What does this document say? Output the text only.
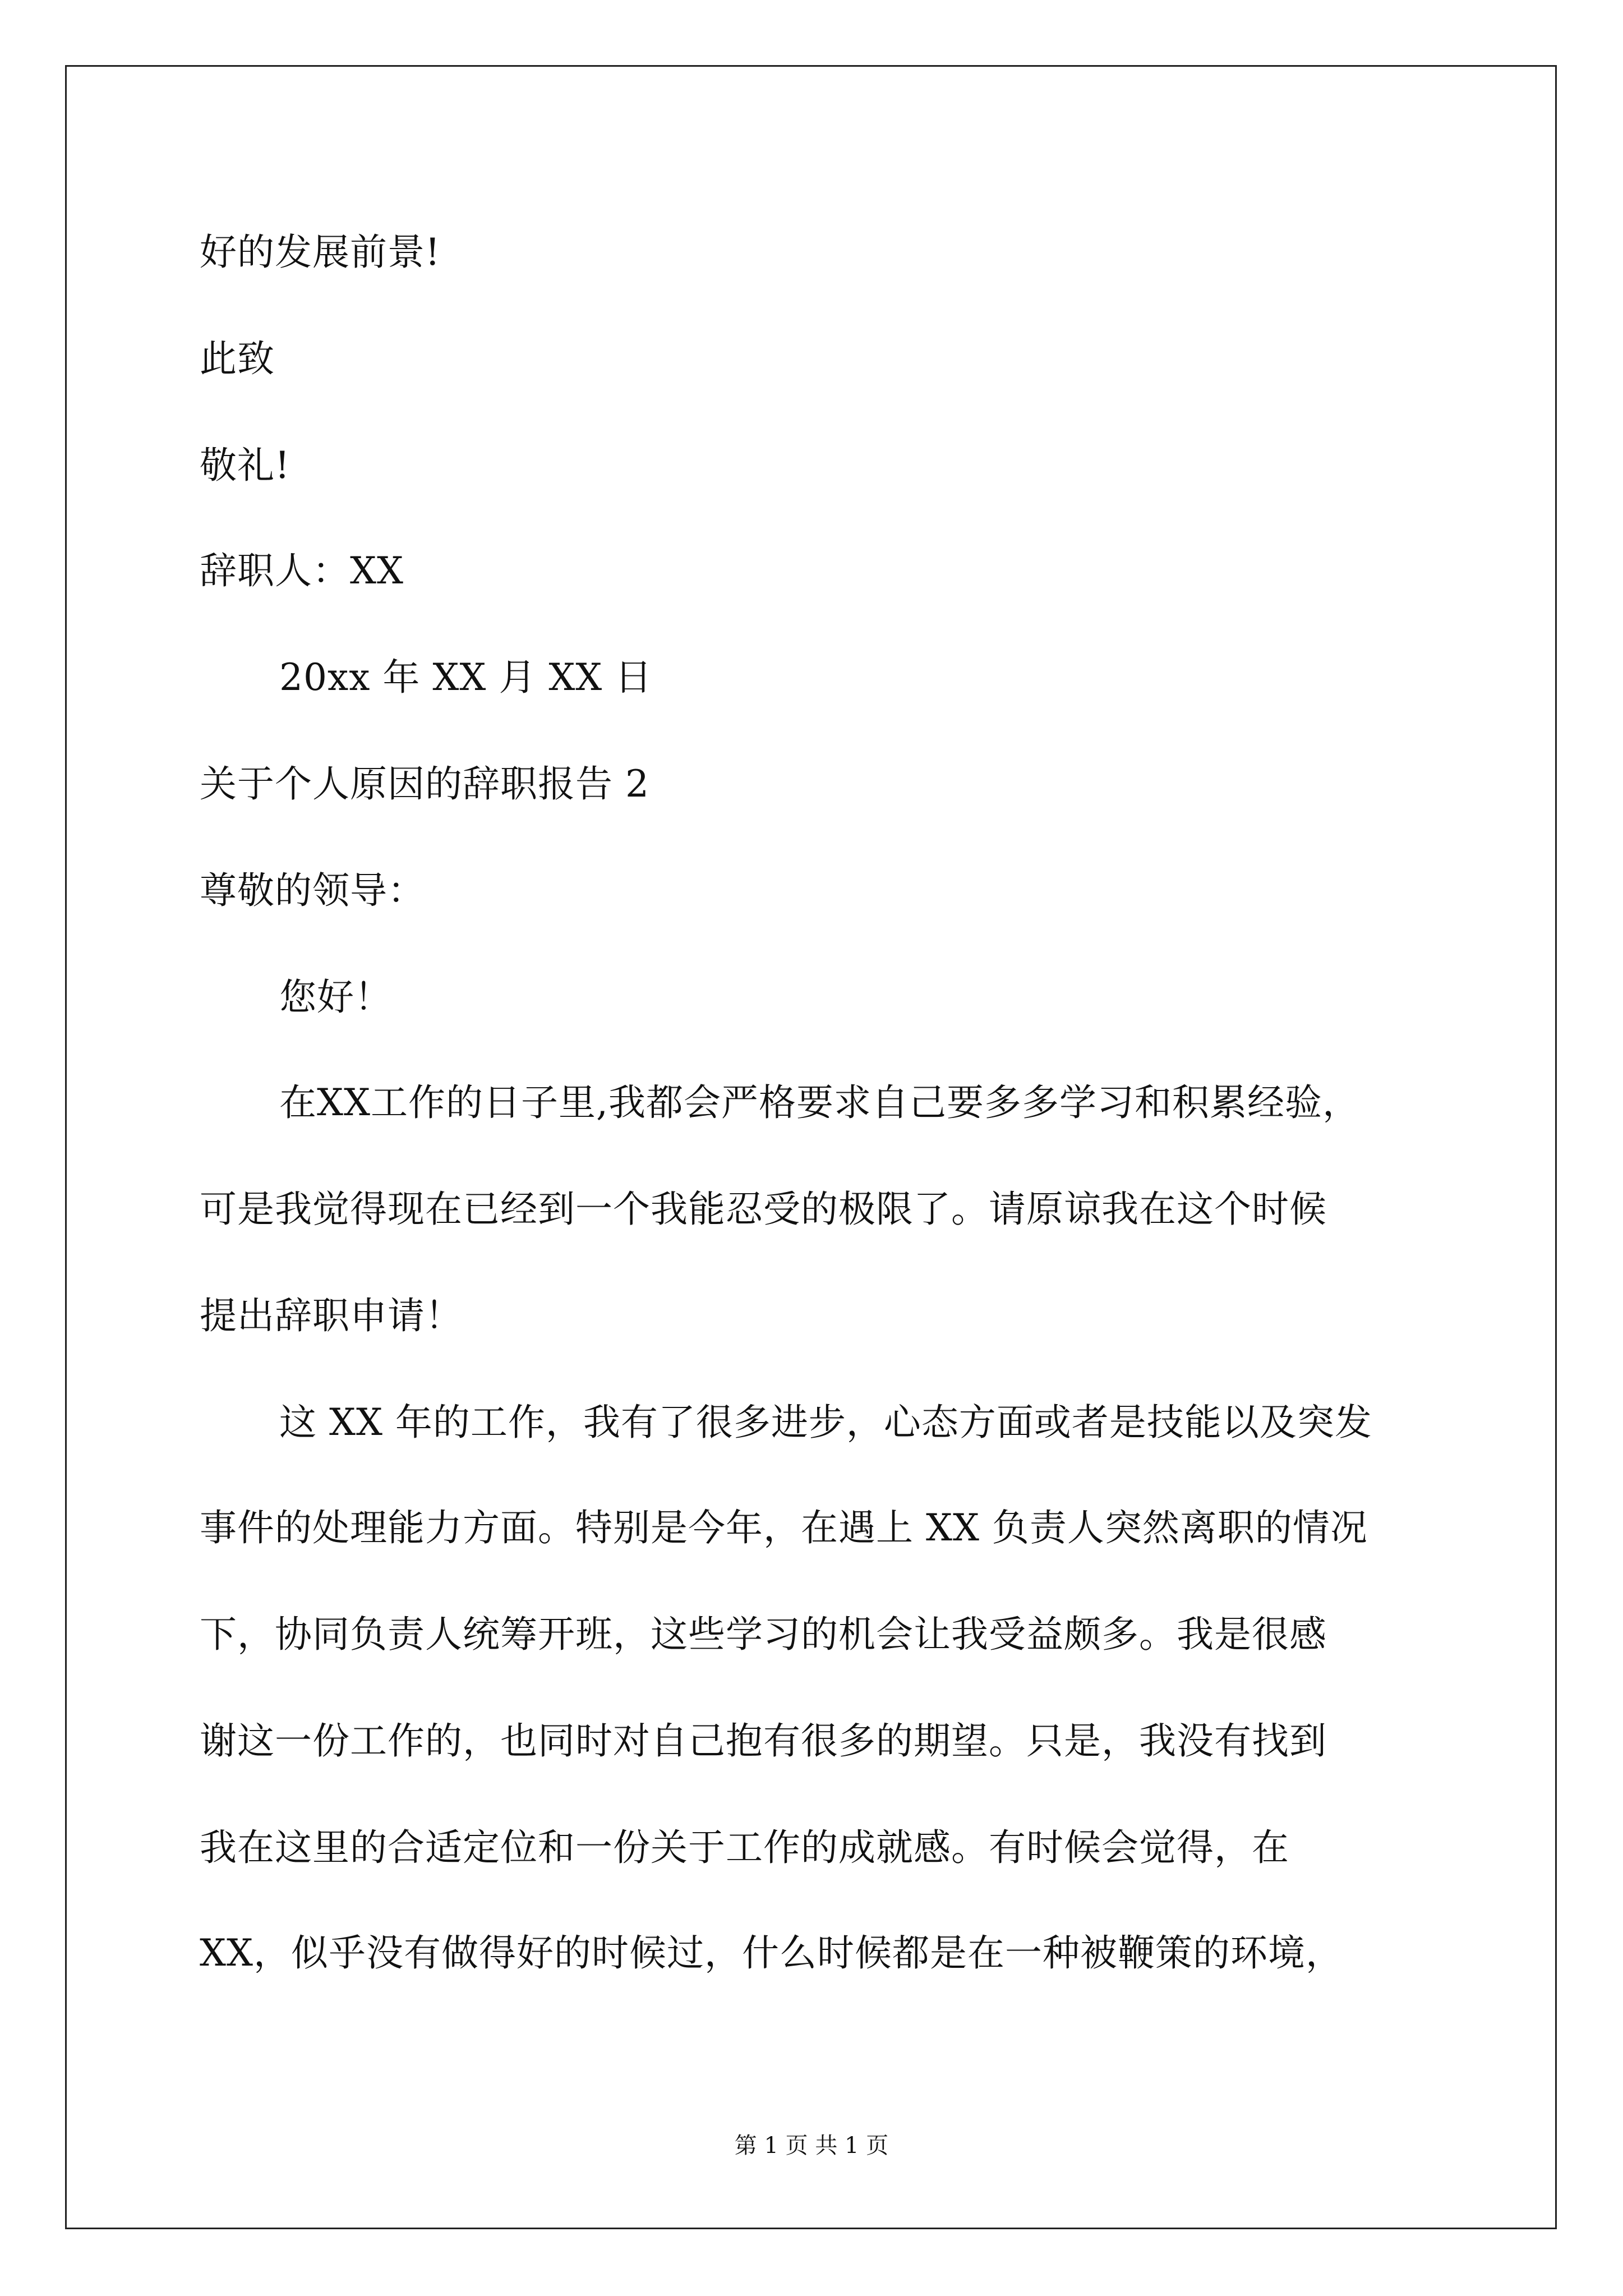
好的发展前景!
此致
敬礼!
辞职人：XX
20xx 年 XX 月 XX 日
关于个人原因的辞职报告 2
尊敬的领导：
您好！
在XX工作的日子里,我都会严格要求自己要多多学习和积累经验，
可是我觉得现在已经到一个我能忍受的极限了。请原谅我在这个时候
提出辞职申请！
这 XX 年的工作，我有了很多进步，心态方面或者是技能以及突发
事件的处理能力方面。特别是今年，在遇上 XX 负责人突然离职的情况
下，协同负责人统筹开班，这些学习的机会让我受益颇多。我是很感
谢这一份工作的，也同时对自己抱有很多的期望。只是，我没有找到
我在这里的合适定位和一份关于工作的成就感。有时候会觉得，在
XX，似乎没有做得好的时候过，什么时候都是在一种被鞭策的环境，
第 1 页 共 1 页
